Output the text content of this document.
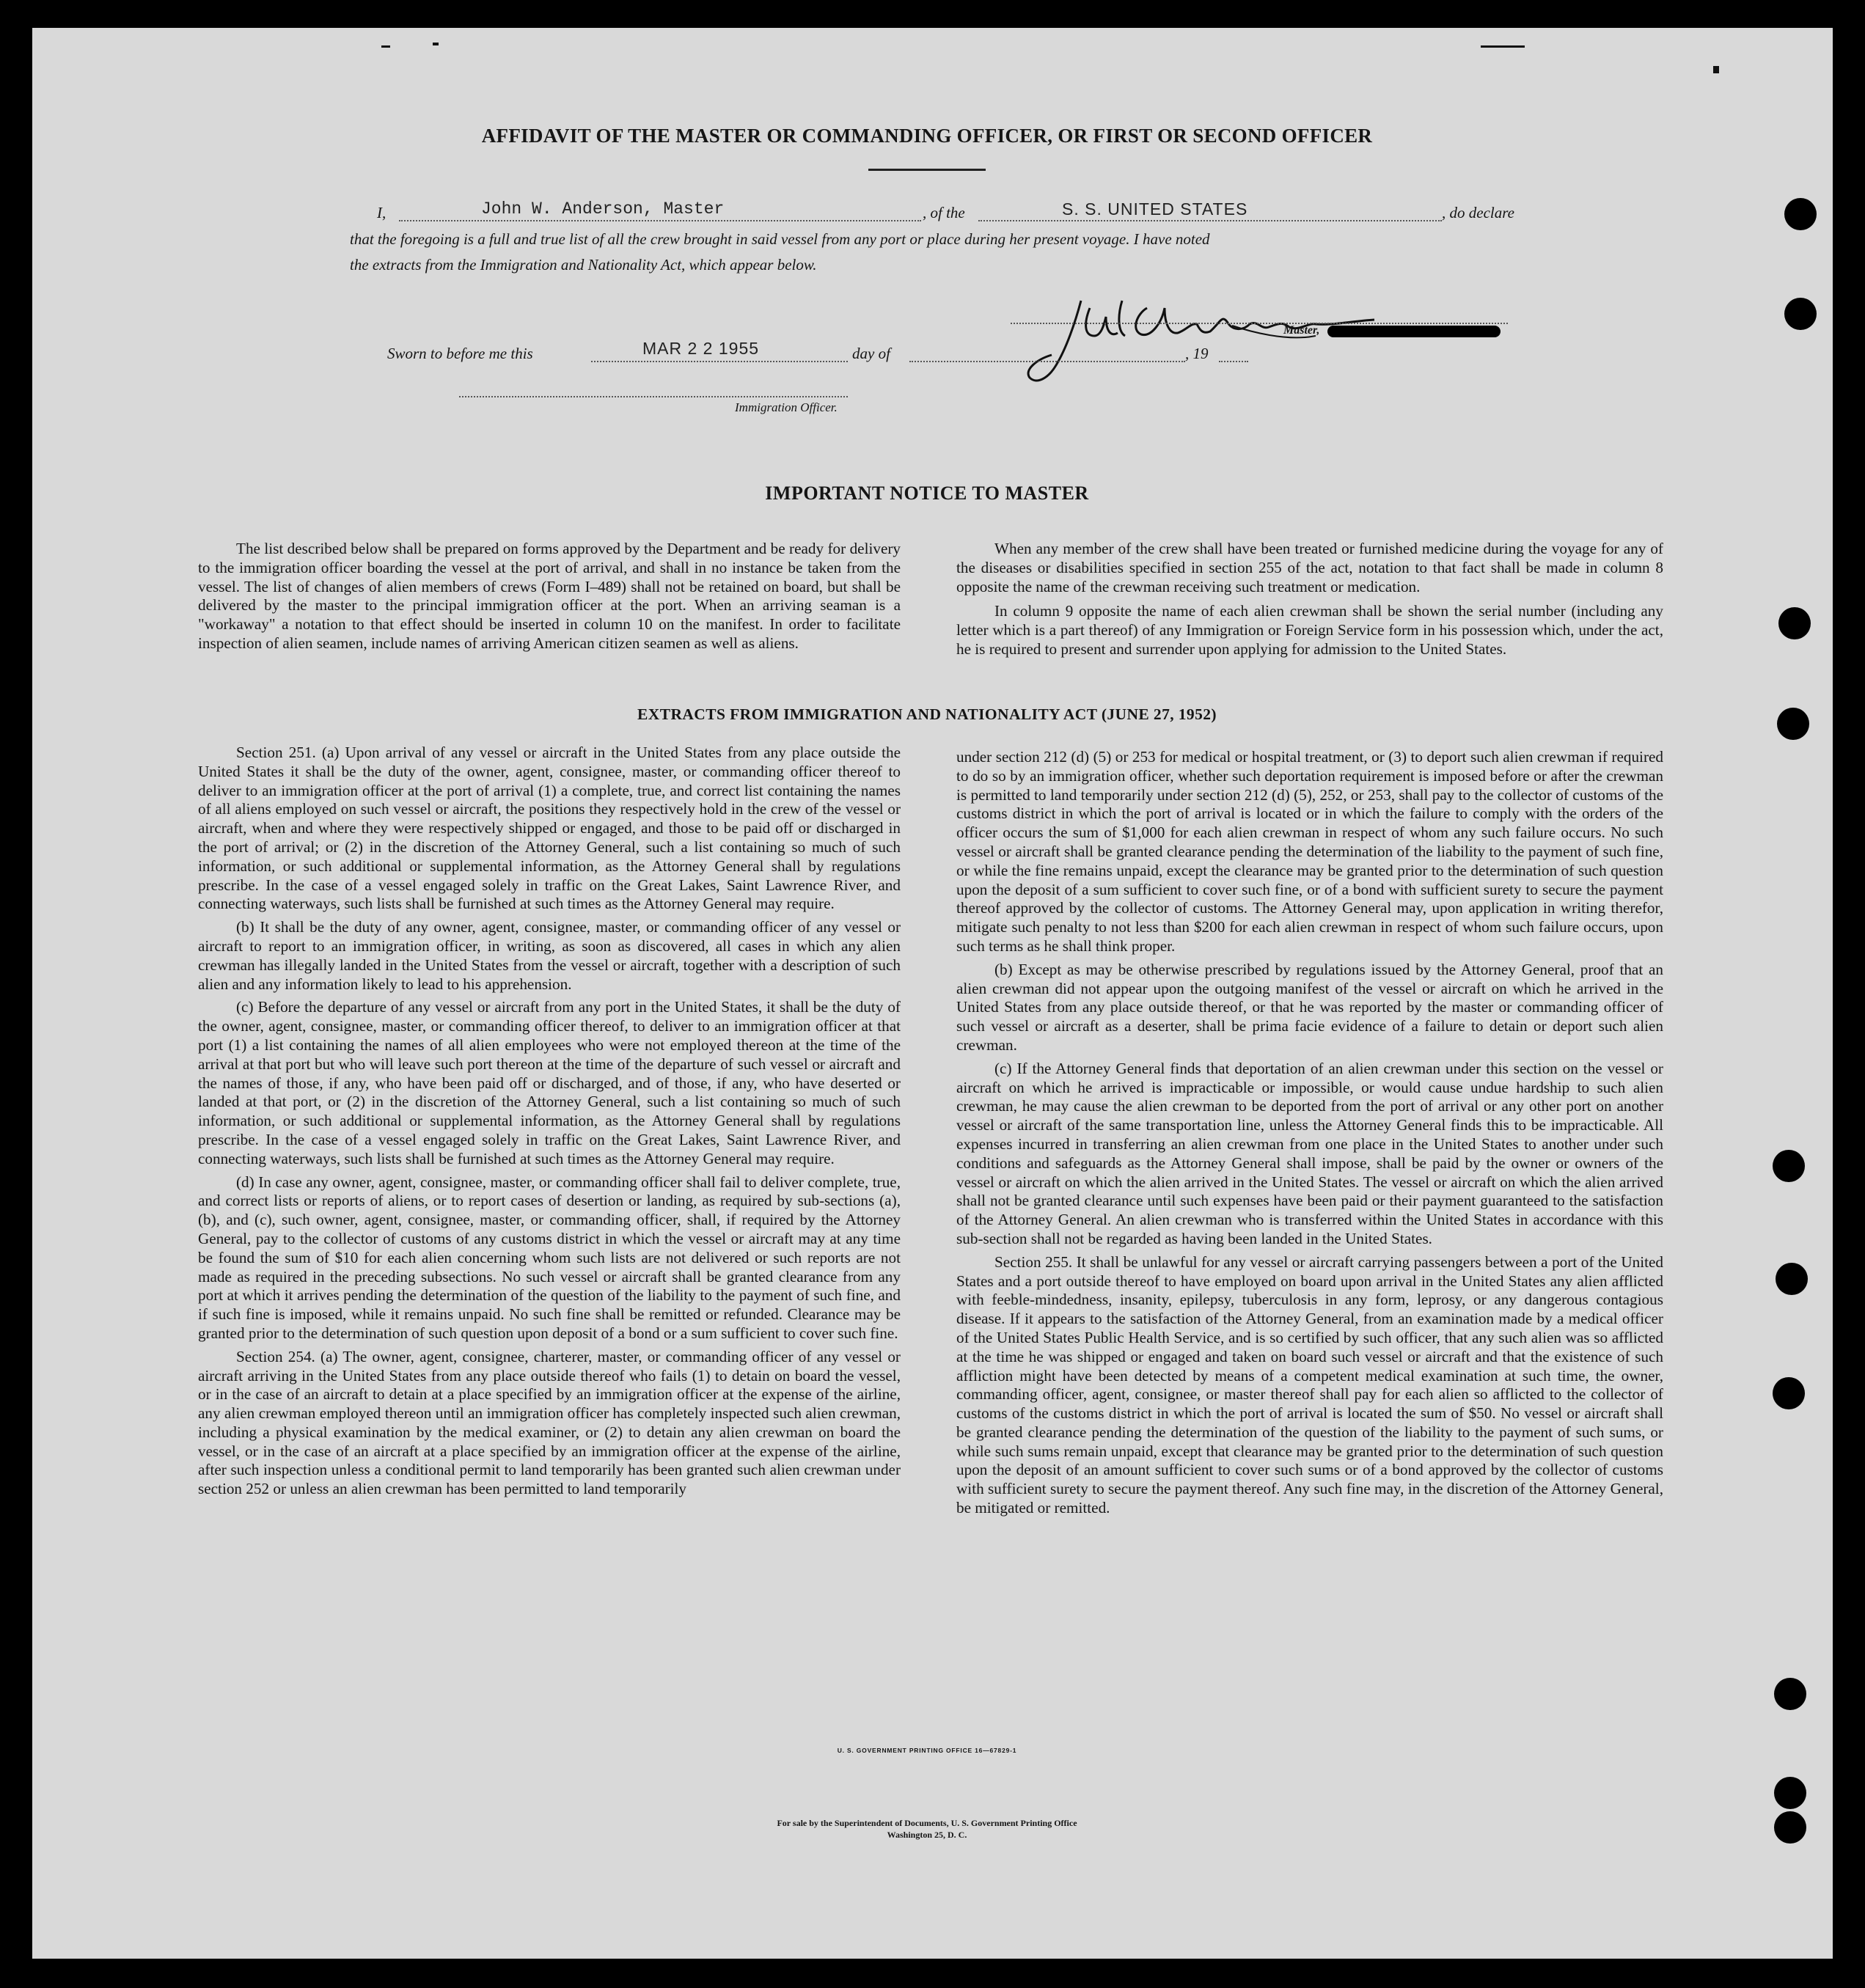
AFFIDAVIT OF THE MASTER OR COMMANDING OFFICER, OR FIRST OR SECOND OFFICER
I,	John W. Anderson, Master	, of the	S. S. UNITED STATES	, do declare
that the foregoing is a full and true list of all the crew brought in said vessel from any port or place during her present voyage. I have noted
the extracts from the Immigration and Nationality Act, which appear below.
Master,
Sworn to before me this	MAR 2 2 1955	day of	, 19
Immigration Officer.
IMPORTANT NOTICE TO MASTER

The list described below shall be prepared on forms approved by the Department and be ready for delivery to the immigration officer boarding the vessel at the port of arrival, and shall in no instance be taken from the vessel. The list of changes of alien members of crews (Form I–489) shall not be retained on board, but shall be delivered by the master to the principal immigration officer at the port. When an arriving seaman is a "workaway" a notation to that effect should be inserted in column 10 on the manifest. In order to facilitate inspection of alien seamen, include names of arriving American citizen seamen as well as aliens.

When any member of the crew shall have been treated or furnished medicine during the voyage for any of the diseases or disabilities specified in section 255 of the act, notation to that fact shall be made in column 8 opposite the name of the crewman receiving such treatment or medication.

In column 9 opposite the name of each alien crewman shall be shown the serial number (including any letter which is a part thereof) of any Immigration or Foreign Service form in his possession which, under the act, he is required to present and surrender upon applying for admission to the United States.

EXTRACTS FROM IMMIGRATION AND NATIONALITY ACT (JUNE 27, 1952)

Section 251. (a) Upon arrival of any vessel or aircraft in the United States from any place outside the United States it shall be the duty of the owner, agent, consignee, master, or commanding officer thereof to deliver to an immigration officer at the port of arrival (1) a complete, true, and correct list containing the names of all aliens employed on such vessel or aircraft, the positions they respectively hold in the crew of the vessel or aircraft, when and where they were respectively shipped or engaged, and those to be paid off or discharged in the port of arrival; or (2) in the discretion of the Attorney General, such a list containing so much of such information, or such additional or supplemental information, as the Attorney General shall by regulations prescribe. In the case of a vessel engaged solely in traffic on the Great Lakes, Saint Lawrence River, and connecting waterways, such lists shall be furnished at such times as the Attorney General may require.

(b) It shall be the duty of any owner, agent, consignee, master, or commanding officer of any vessel or aircraft to report to an immigration officer, in writing, as soon as discovered, all cases in which any alien crewman has illegally landed in the United States from the vessel or aircraft, together with a description of such alien and any information likely to lead to his apprehension.

(c) Before the departure of any vessel or aircraft from any port in the United States, it shall be the duty of the owner, agent, consignee, master, or commanding officer thereof, to deliver to an immigration officer at that port (1) a list containing the names of all alien employees who were not employed thereon at the time of the arrival at that port but who will leave such port thereon at the time of the departure of such vessel or aircraft and the names of those, if any, who have been paid off or discharged, and of those, if any, who have deserted or landed at that port, or (2) in the discretion of the Attorney General, such a list containing so much of such information, or such additional or supplemental information, as the Attorney General shall by regulations prescribe. In the case of a vessel engaged solely in traffic on the Great Lakes, Saint Lawrence River, and connecting waterways, such lists shall be furnished at such times as the Attorney General may require.

(d) In case any owner, agent, consignee, master, or commanding officer shall fail to deliver complete, true, and correct lists or reports of aliens, or to report cases of desertion or landing, as required by sub-sections (a), (b), and (c), such owner, agent, consignee, master, or commanding officer, shall, if required by the Attorney General, pay to the collector of customs of any customs district in which the vessel or aircraft may at any time be found the sum of $10 for each alien concerning whom such lists are not delivered or such reports are not made as required in the preceding subsections. No such vessel or aircraft shall be granted clearance from any port at which it arrives pending the determination of the question of the liability to the payment of such fine, and if such fine is imposed, while it remains unpaid. No such fine shall be remitted or refunded. Clearance may be granted prior to the determination of such question upon deposit of a bond or a sum sufficient to cover such fine.

Section 254. (a) The owner, agent, consignee, charterer, master, or commanding officer of any vessel or aircraft arriving in the United States from any place outside thereof who fails (1) to detain on board the vessel, or in the case of an aircraft to detain at a place specified by an immigration officer at the expense of the airline, any alien crewman employed thereon until an immigration officer has completely inspected such alien crewman, including a physical examination by the medical examiner, or (2) to detain any alien crewman on board the vessel, or in the case of an aircraft at a place specified by an immigration officer at the expense of the airline, after such inspection unless a conditional permit to land temporarily has been granted such alien crewman under section 252 or unless an alien crewman has been permitted to land temporarily

under section 212 (d) (5) or 253 for medical or hospital treatment, or (3) to deport such alien crewman if required to do so by an immigration officer, whether such deportation requirement is imposed before or after the crewman is permitted to land temporarily under section 212 (d) (5), 252, or 253, shall pay to the collector of customs of the customs district in which the port of arrival is located or in which the failure to comply with the orders of the officer occurs the sum of $1,000 for each alien crewman in respect of whom any such failure occurs. No such vessel or aircraft shall be granted clearance pending the determination of the liability to the payment of such fine, or while the fine remains unpaid, except the clearance may be granted prior to the determination of such question upon the deposit of a sum sufficient to cover such fine, or of a bond with sufficient surety to secure the payment thereof approved by the collector of customs. The Attorney General may, upon application in writing therefor, mitigate such penalty to not less than $200 for each alien crewman in respect of whom such failure occurs, upon such terms as he shall think proper.

(b) Except as may be otherwise prescribed by regulations issued by the Attorney General, proof that an alien crewman did not appear upon the outgoing manifest of the vessel or aircraft on which he arrived in the United States from any place outside thereof, or that he was reported by the master or commanding officer of such vessel or aircraft as a deserter, shall be prima facie evidence of a failure to detain or deport such alien crewman.

(c) If the Attorney General finds that deportation of an alien crewman under this section on the vessel or aircraft on which he arrived is impracticable or impossible, or would cause undue hardship to such alien crewman, he may cause the alien crewman to be deported from the port of arrival or any other port on another vessel or aircraft of the same transportation line, unless the Attorney General finds this to be impracticable. All expenses incurred in transferring an alien crewman from one place in the United States to another under such conditions and safeguards as the Attorney General shall impose, shall be paid by the owner or owners of the vessel or aircraft on which the alien arrived in the United States. The vessel or aircraft on which the alien arrived shall not be granted clearance until such expenses have been paid or their payment guaranteed to the satisfaction of the Attorney General. An alien crewman who is transferred within the United States in accordance with this sub-section shall not be regarded as having been landed in the United States.

Section 255. It shall be unlawful for any vessel or aircraft carrying passengers between a port of the United States and a port outside thereof to have employed on board upon arrival in the United States any alien afflicted with feeble-mindedness, insanity, epilepsy, tuberculosis in any form, leprosy, or any dangerous contagious disease. If it appears to the satisfaction of the Attorney General, from an examination made by a medical officer of the United States Public Health Service, and is so certified by such officer, that any such alien was so afflicted at the time he was shipped or engaged and taken on board such vessel or aircraft and that the existence of such affliction might have been detected by means of a competent medical examination at such time, the owner, commanding officer, agent, consignee, or master thereof shall pay for each alien so afflicted to the collector of customs of the customs district in which the port of arrival is located the sum of $50. No vessel or aircraft shall be granted clearance pending the determination of the question of the liability to the payment of such sums, or while such sums remain unpaid, except that clearance may be granted prior to the determination of such question upon the deposit of an amount sufficient to cover such sums or of a bond approved by the collector of customs with sufficient surety to secure the payment thereof. Any such fine may, in the discretion of the Attorney General, be mitigated or remitted.

U. S. GOVERNMENT PRINTING OFFICE 16—67829-1
For sale by the Superintendent of Documents, U. S. Government Printing Office
Washington 25, D. C.
